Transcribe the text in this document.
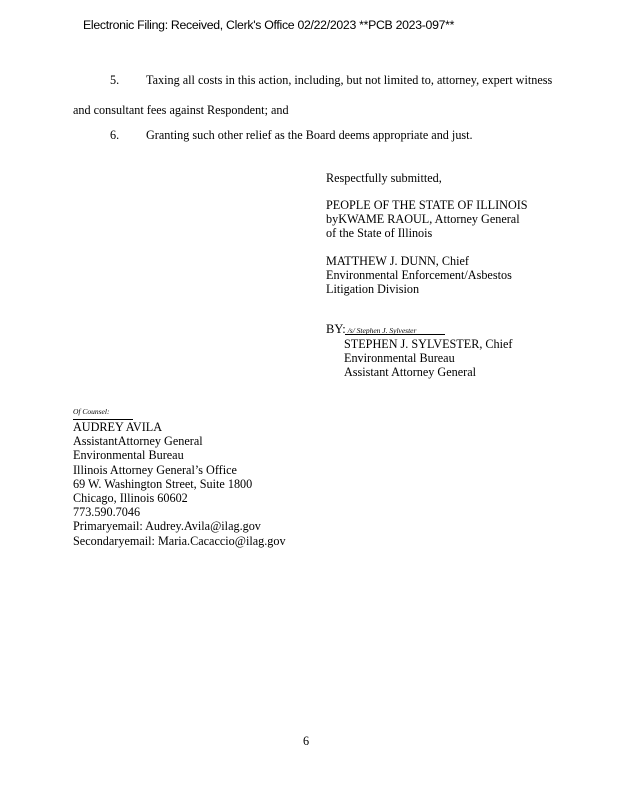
Electronic Filing: Received, Clerk's Office 02/22/2023 **PCB 2023-097**
5. Taxing all costs in this action, including, but not limited to, attorney, expert witness
and consultant fees against Respondent; and
6. Granting such other relief as the Board deems appropriate and just.
Respectfully submitted,
PEOPLE OF THE STATE OF ILLINOIS
byKWAME RAOUL, Attorney General
of the State of Illinois
MATTHEW J. DUNN, Chief
Environmental Enforcement/Asbestos
Litigation Division
BY: /s/ Stephen J. Sylvester
STEPHEN J. SYLVESTER, Chief
Environmental Bureau
Assistant Attorney General
Of Counsel:
AUDREY AVILA
AssistantAttorney General
Environmental Bureau
Illinois Attorney General’s Office
69 W. Washington Street, Suite 1800
Chicago, Illinois 60602
773.590.7046
Primaryemail: Audrey.Avila@ilag.gov
Secondaryemail: Maria.Cacaccio@ilag.gov
6
